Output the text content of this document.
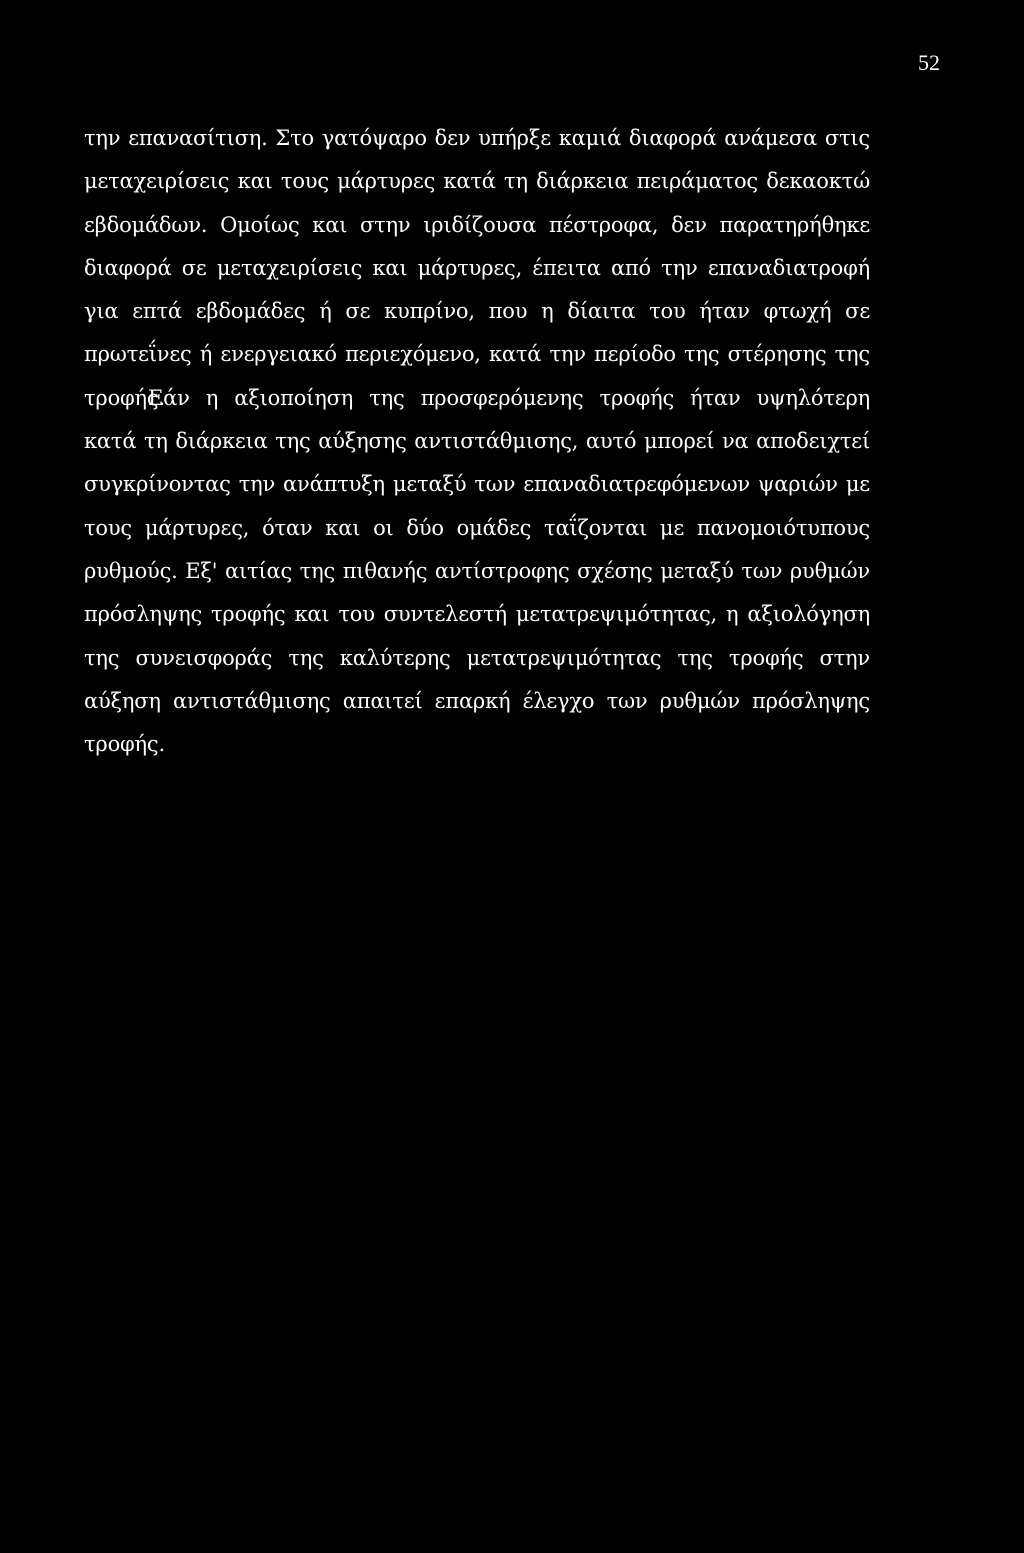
52
την επανασίτιση. Στο γατόψαρο δεν υπήρξε καμιά διαφορά ανάμεσα στις
μεταχειρίσεις και τους μάρτυρες κατά τη διάρκεια πειράματος δεκαοκτώ
εβδομάδων. Ομοίως και στην ιριδίζουσα πέστροφα, δεν παρατηρήθηκε
διαφορά σε μεταχειρίσεις και μάρτυρες, έπειτα από την επαναδιατροφή
για επτά εβδομάδες ή σε κυπρίνο, που η δίαιτα του ήταν φτωχή σε
πρωτεΐνες ή ενεργειακό περιεχόμενο, κατά την περίοδο της στέρησης της
τροφής.
Εάν η αξιοποίηση της προσφερόμενης τροφής ήταν υψηλότερη
κατά τη διάρκεια της αύξησης αντιστάθμισης, αυτό μπορεί να αποδειχτεί
συγκρίνοντας την ανάπτυξη μεταξύ των επαναδιατρεφόμενων ψαριών με
τους μάρτυρες, όταν και οι δύο ομάδες ταΐζονται με πανομοιότυπους
ρυθμούς. Εξ' αιτίας της πιθανής αντίστροφης σχέσης μεταξύ των ρυθμών
πρόσληψης τροφής και του συντελεστή μετατρεψιμότητας, η αξιολόγηση
της συνεισφοράς της καλύτερης μετατρεψιμότητας της τροφής στην
αύξηση αντιστάθμισης απαιτεί επαρκή έλεγχο των ρυθμών πρόσληψης
τροφής.
